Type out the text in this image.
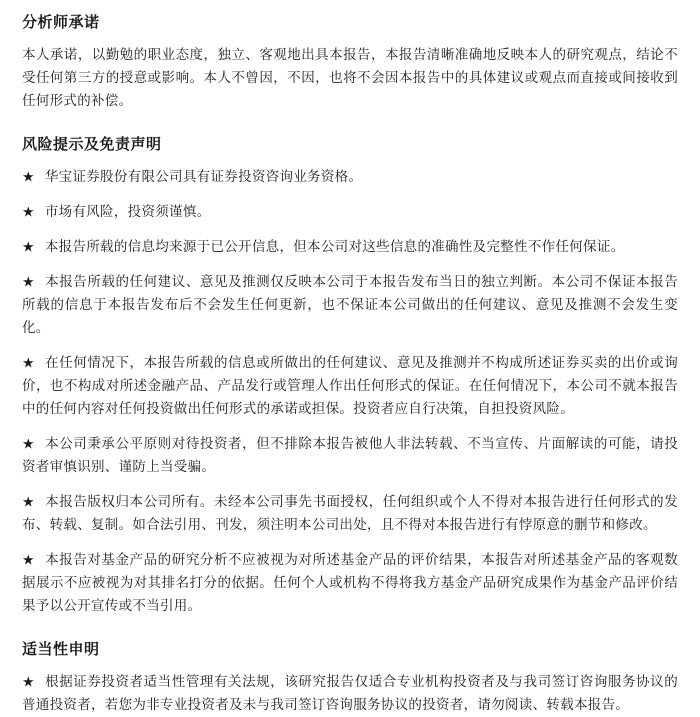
分析师承诺

本人承诺，以勤勉的职业态度，独立、客观地出具本报告，本报告清晰准确地反映本人的研究观点，结论不受任何第三方的授意或影响。本人不曾因，不因，也将不会因本报告中的具体建议或观点而直接或间接收到任何形式的补偿。

风险提示及免责声明

★ 华宝证券股份有限公司具有证券投资咨询业务资格。

★ 市场有风险，投资须谨慎。

★ 本报告所载的信息均来源于已公开信息，但本公司对这些信息的准确性及完整性不作任何保证。

★ 本报告所载的任何建议、意见及推测仅反映本公司于本报告发布当日的独立判断。本公司不保证本报告所载的信息于本报告发布后不会发生任何更新，也不保证本公司做出的任何建议、意见及推测不会发生变化。

★ 在任何情况下，本报告所载的信息或所做出的任何建议、意见及推测并不构成所述证券买卖的出价或询价，也不构成对所述金融产品、产品发行或管理人作出任何形式的保证。在任何情况下，本公司不就本报告中的任何内容对任何投资做出任何形式的承诺或担保。投资者应自行决策，自担投资风险。

★ 本公司秉承公平原则对待投资者，但不排除本报告被他人非法转载、不当宣传、片面解读的可能，请投资者审慎识别、谨防上当受骗。

★ 本报告版权归本公司所有。未经本公司事先书面授权，任何组织或个人不得对本报告进行任何形式的发布、转载、复制。如合法引用、刊发，须注明本公司出处，且不得对本报告进行有悖原意的删节和修改。

★ 本报告对基金产品的研究分析不应被视为对所述基金产品的评价结果，本报告对所述基金产品的客观数据展示不应被视为对其排名打分的依据。任何个人或机构不得将我方基金产品研究成果作为基金产品评价结果予以公开宣传或不当引用。

适当性申明

★ 根据证券投资者适当性管理有关法规，该研究报告仅适合专业机构投资者及与我司签订咨询服务协议的普通投资者，若您为非专业投资者及未与我司签订咨询服务协议的投资者，请勿阅读、转载本报告。
